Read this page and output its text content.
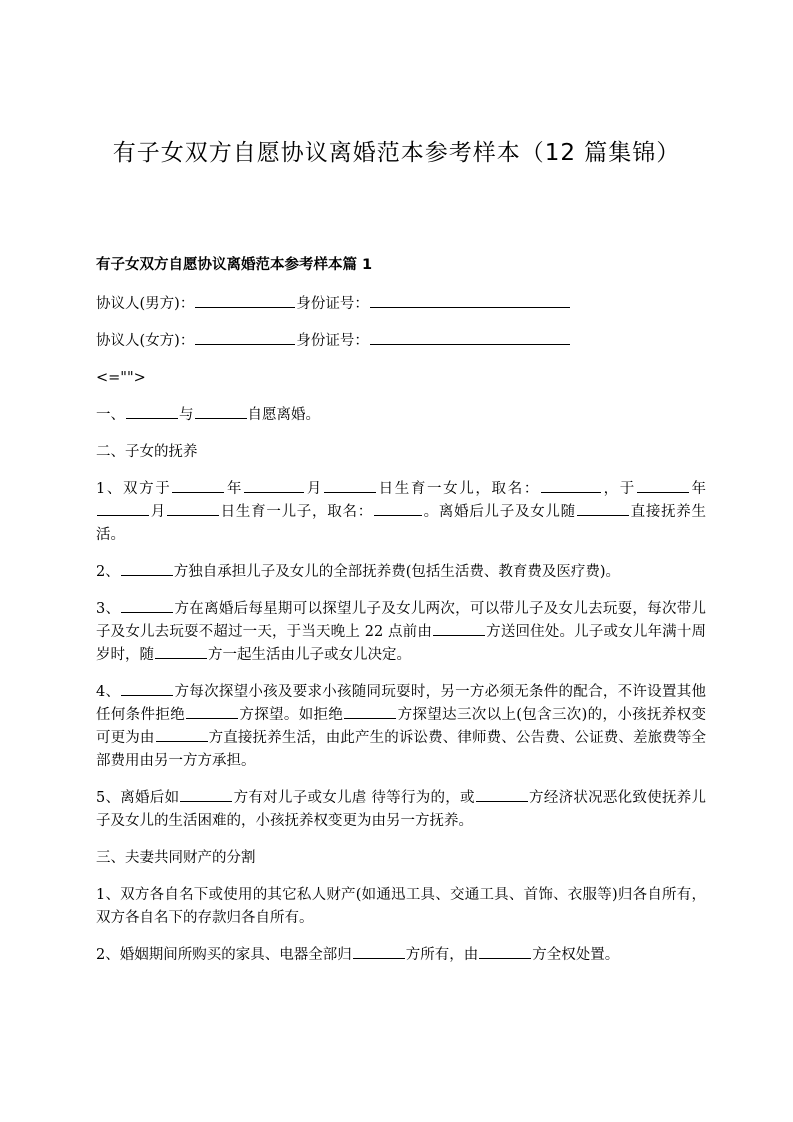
有子女双方自愿协议离婚范本参考样本（12 篇集锦）
有子女双方自愿协议离婚范本参考样本篇 1
协议人(男方)：	身份证号：
协议人(女方)：	身份证号：
<="">
一、	与	自愿离婚。
二、子女的抚养
1、双方于	年	月	日生育一女儿，取名：	，于	年月	日生育一儿子，取名：	。离婚后儿子及女儿随	直接抚养生活。
2、	方独自承担儿子及女儿的全部抚养费(包括生活费、教育费及医疗费)。
3、	方在离婚后每星期可以探望儿子及女儿两次，可以带儿子及女儿去玩耍，每次带儿子及女儿去玩耍不超过一天，于当天晚上 22 点前由	方送回住处。儿子或女儿年满十周岁时，随	方一起生活由儿子或女儿决定。
4、	方每次探望小孩及要求小孩随同玩耍时，另一方必须无条件的配合，不许设置其他任何条件拒绝	方探望。如拒绝	方探望达三次以上(包含三次)的，小孩抚养权变可更为由	方直接抚养生活，由此产生的诉讼费、律师费、公告费、公证费、差旅费等全部费用由另一方方承担。
5、离婚后如	方有对儿子或女儿虐 待等行为的，或	方经济状况恶化致使抚养儿子及女儿的生活困难的，小孩抚养权变更为由另一方抚养。
三、夫妻共同财产的分割
1、双方各自名下或使用的其它私人财产(如通迅工具、交通工具、首饰、衣服等)归各自所有，双方各自名下的存款归各自所有。
2、婚姻期间所购买的家具、电器全部归	方所有，由	方全权处置。
